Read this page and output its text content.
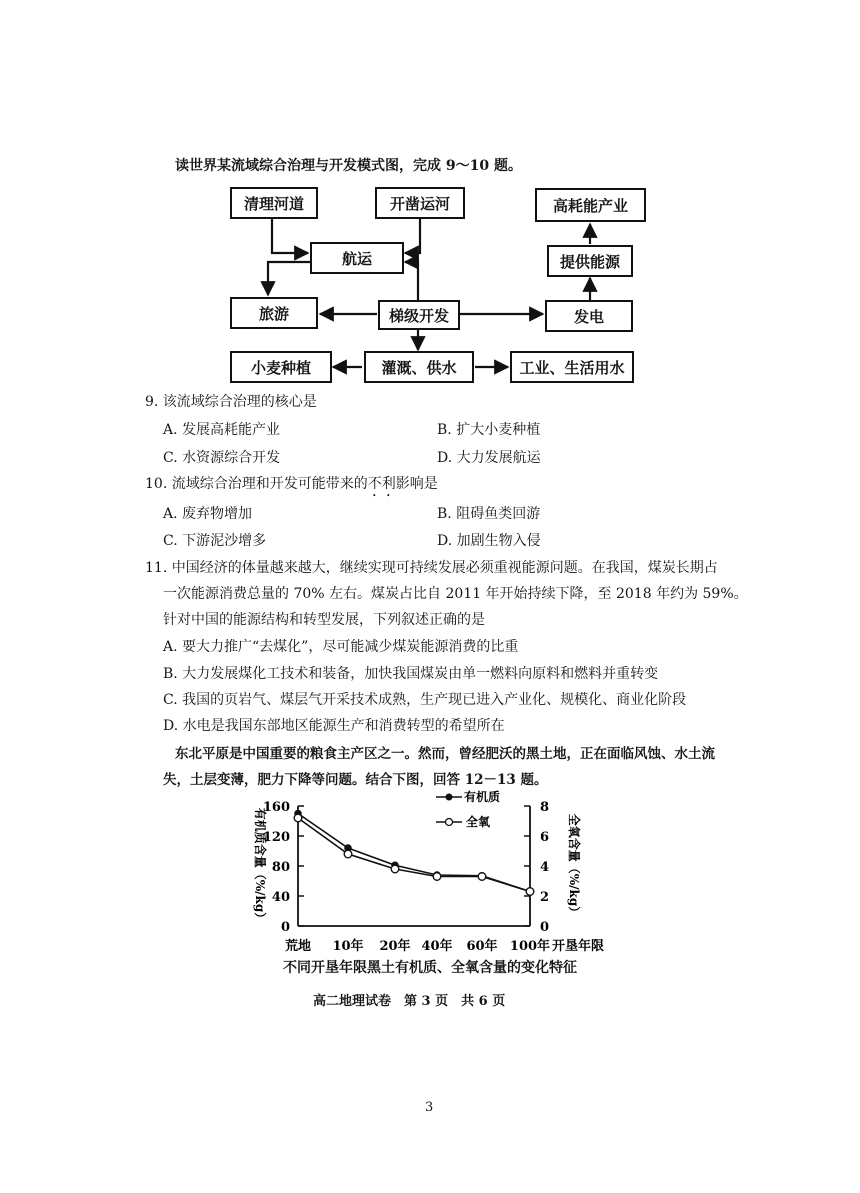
读世界某流域综合治理与开发模式图，完成 9～10 题。
清理河道	开凿运河	高耗能产业
航运	提供能源
旅游	梯级开发	发电
小麦种植	灌溉、供水	工业、生活用水
9. 该流域综合治理的核心是
A. 发展高耗能产业	B. 扩大小麦种植
C. 水资源综合开发	D. 大力发展航运
10. 流域综合治理和开发可能带来的不利影响是
A. 废弃物增加	B. 阻碍鱼类回游
C. 下游泥沙增多	D. 加剧生物入侵
11. 中国经济的体量越来越大，继续实现可持续发展必须重视能源问题。在我国，煤炭长期占
一次能源消费总量的 70% 左右。煤炭占比自 2011 年开始持续下降，至 2018 年约为 59%。
针对中国的能源结构和转型发展，下列叙述正确的是
A. 要大力推广“去煤化”，尽可能减少煤炭能源消费的比重
B. 大力发展煤化工技术和装备，加快我国煤炭由单一燃料向原料和燃料并重转变
C. 我国的页岩气、煤层气开采技术成熟，生产现已进入产业化、规模化、商业化阶段
D. 水电是我国东部地区能源生产和消费转型的希望所在
东北平原是中国重要的粮食主产区之一。然而，曾经肥沃的黑土地，正在面临风蚀、水土流
失，土层变薄，肥力下降等问题。结合下图，回答 12－13 题。
160
120
80
40
0
8
6
4
2
0
有机质含量（%/kg）	全氧含量（%/kg）
荒地 10年 20年 40年 60年 100年 开垦年限
有机质
全氧
不同开垦年限黑土有机质、全氧含量的变化特征
高二地理试卷　第 3 页　共 6 页
3
